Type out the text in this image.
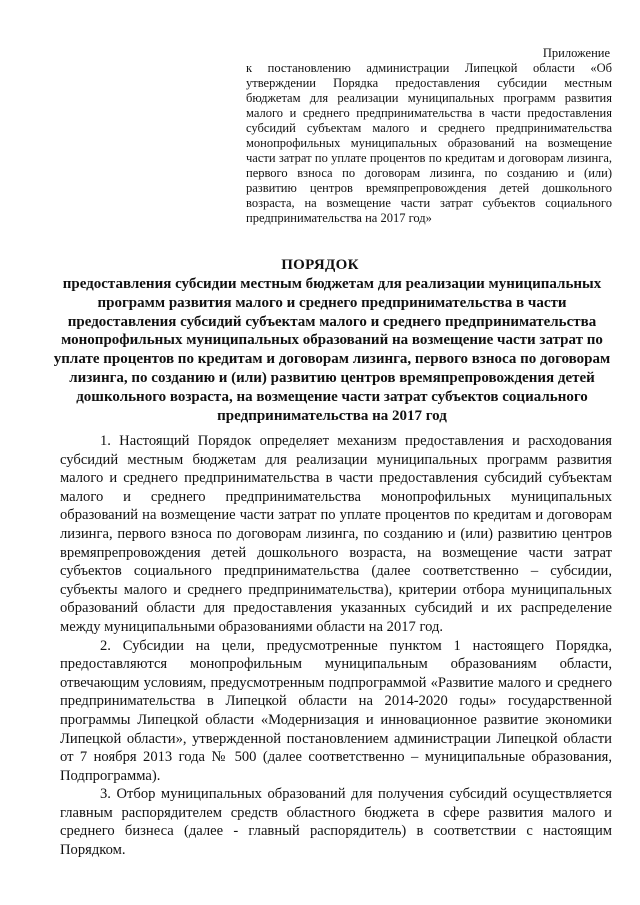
Приложение
к постановлению администрации Липецкой области «Об утверждении Порядка предоставления субсидии местным бюджетам для реализации муниципальных программ развития малого и среднего предпринимательства в части предоставления субсидий субъектам малого и среднего предпринимательства монопрофильных муниципальных образований на возмещение части затрат по уплате процентов по кредитам и договорам лизинга, первого взноса по договорам лизинга, по созданию и (или) развитию центров времяпрепровождения детей дошкольного возраста, на возмещение части затрат субъектов социального предпринимательства на 2017 год»
ПОРЯДОК
предоставления субсидии местным бюджетам для реализации муниципальных программ развития малого и среднего предпринимательства в части предоставления субсидий субъектам малого и среднего предпринимательства монопрофильных муниципальных образований на возмещение части затрат по уплате процентов по кредитам и договорам лизинга, первого взноса по договорам лизинга, по созданию и (или) развитию центров времяпрепровождения детей дошкольного возраста, на возмещение части затрат субъектов социального предпринимательства на 2017 год

1. Настоящий Порядок определяет механизм предоставления и расходования субсидий местным бюджетам для реализации муниципальных программ развития малого и среднего предпринимательства в части предоставления субсидий субъектам малого и среднего предпринимательства монопрофильных муниципальных образований на возмещение части затрат по уплате процентов по кредитам и договорам лизинга, первого взноса по договорам лизинга, по созданию и (или) развитию центров времяпрепровождения детей дошкольного возраста, на возмещение части затрат субъектов социального предпринимательства (далее соответственно – субсидии, субъекты малого и среднего предпринимательства), критерии отбора муниципальных образований области для предоставления указанных субсидий и их распределение между муниципальными образованиями области на 2017 год.

2. Субсидии на цели, предусмотренные пунктом 1 настоящего Порядка, предоставляются монопрофильным муниципальным образованиям области, отвечающим условиям, предусмотренным подпрограммой «Развитие малого и среднего предпринимательства в Липецкой области на 2014-2020 годы» государственной программы Липецкой области «Модернизация и инновационное развитие экономики Липецкой области», утвержденной постановлением администрации Липецкой области от 7 ноября 2013 года № 500 (далее соответственно – муниципальные образования, Подпрограмма).

3. Отбор муниципальных образований для получения субсидий осуществляется главным распорядителем средств областного бюджета в сфере развития малого и среднего бизнеса (далее - главный распорядитель) в соответствии с настоящим Порядком.
